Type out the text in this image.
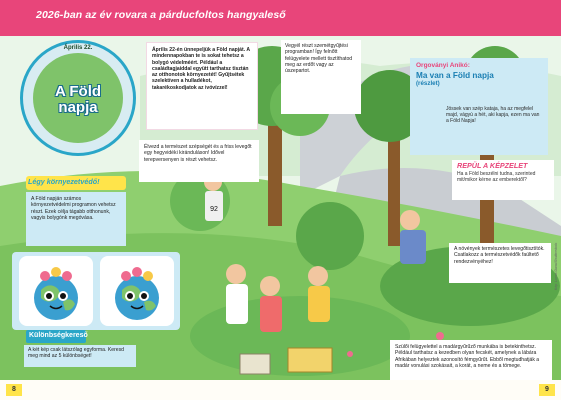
92
2026-ban az év rovara a párducfoltos hangyaleső
Április 22.
A Föld napja
Április 22-én ünnepeljük a Föld napját. A mindennapokban te is sokat tehetsz a bolygó védelméért. Például a családtagjaiddal együtt tarthatsz tisztán az otthonotok környezetét! Gyűjtsétek szelektíven a hulladékot, takarékoskodjatok az ivóvízzel!
Vegyél részt szemétgyűjtési programban! Így felnőtt felügyelete mellett tisztíthatod meg az erdőt vagy az úszepartot.
Élvezd a természet szépségét és a friss levegőt egy hegyvidéki kiránduláson! Idővel terepversenyen is részt vehetsz.
Orgoványi Anikó:
Ma van a Föld napja
(részlet)
Jössek van szép kataja, ha az megfelel majd, vágyú a hét, aki kapja, ezen ma van a Föld Napja!
REPÜL A KÉPZELET
Ha a Föld beszélni tudna, szerinted mit/mikor kérne az emberektől?
Légy környezetvédő!
A Föld napján számos környezetvédelmi programon vehetsz részt. Ezek célja tágabb otthonunk, vagyis bolygónk megóvása.
A növények természetes levegőtisztítók. Csatlakozz a természetvédők faültető rendezvényéhez!
Szülői felügyelettel a madárgyűrűző munkába is betekinthetsz. Például tarthatsz a kezedben olyan fecskét, amelynek a lábára Afrikában helyeztek azonosító fémgyűrűt. Ebből megtudhatják a madár vonulási szokásait, a korát, a neme és a tömege.
Különbségkereső
A két kép csak látszólag egyforma. Keresd meg mind az 5 különbséget!
8	9
Kép: Lovas Dana/Shutterstock
